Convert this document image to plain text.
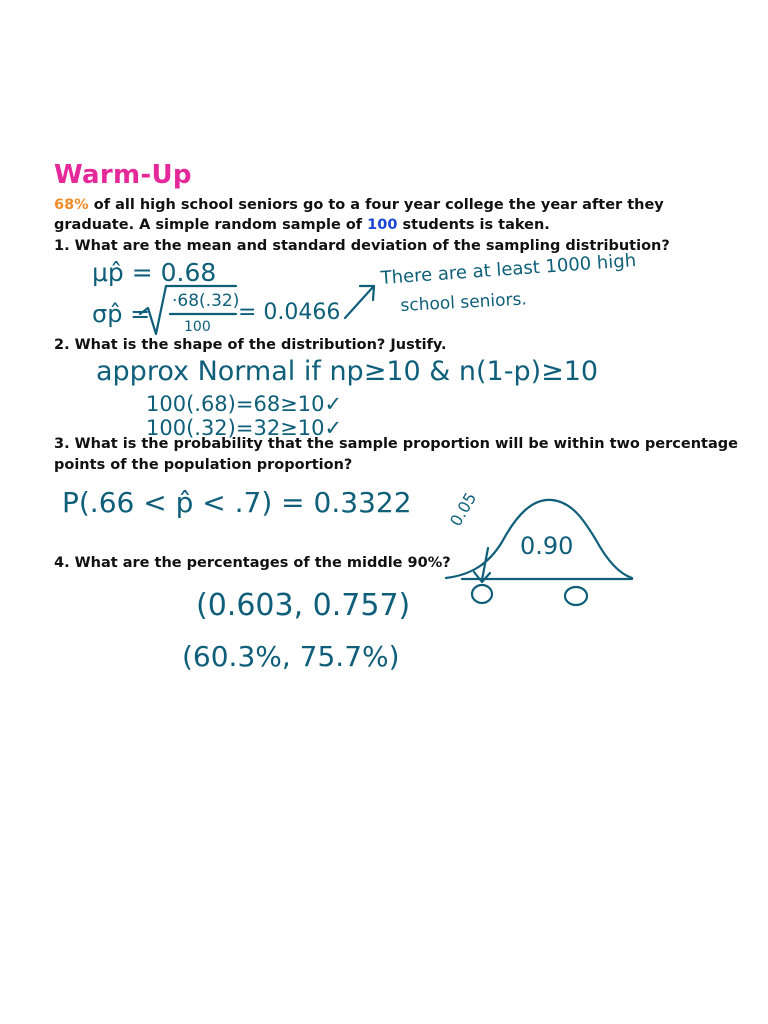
Warm-Up
68% of all high school seniors go to a four year college the year after they
graduate. A simple random sample of 100 students is taken.
1. What are the mean and standard deviation of the sampling distribution?
2. What is the shape of the distribution? Justify.
3. What is the probability that the sample proportion will be within two percentage
points of the population proportion?
4. What are the percentages of the middle 90%?
μp̂ = 0.68
σp̂ = ·68(.32)
100
= 0.0466
There are at least 1000 high
school seniors.
approx Normal if np≥10 & n(1-p)≥10
100(.68)=68≥10✓
100(.32)=32≥10✓
P(.66 < p̂ < .7) = 0.3322 0.05
0.90
(0.603, 0.757)
(60.3%, 75.7%)
